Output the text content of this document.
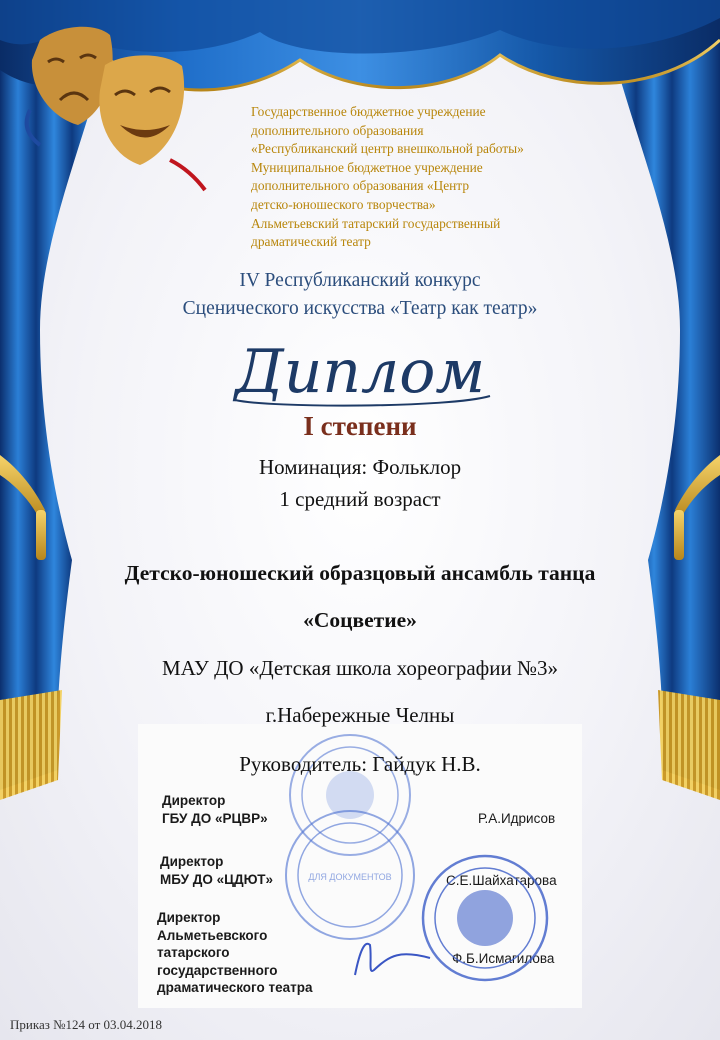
Государственное бюджетное учреждение
дополнительного образования
«Республиканский центр внешкольной работы»
Муниципальное бюджетное учреждение
дополнительного образования «Центр
детско-юношеского творчества»
Альметьевский татарский государственный
драматический театр
IV Республиканский конкурс
Сценического искусства «Театр как театр»
Диплом
I степени
Номинация: Фольклор
1 средний возраст
Детско-юношеский образцовый ансамбль танца
«Соцветие»
МАУ ДО «Детская школа хореографии №3»
г.Набережные Челны
Руководитель: Гайдук Н.В.
Директор
ГБУ ДО «РЦВР»	Р.А.Идрисов
Директор
МБУ ДО «ЦДЮТ»	С.Е.Шайхатарова
Директор
Альметьевского
татарского
государственного
драматического театра
Ф.Б.Исмагилова
ДЛЯ ДОКУМЕНТОВ
Приказ №124 от 03.04.2018
